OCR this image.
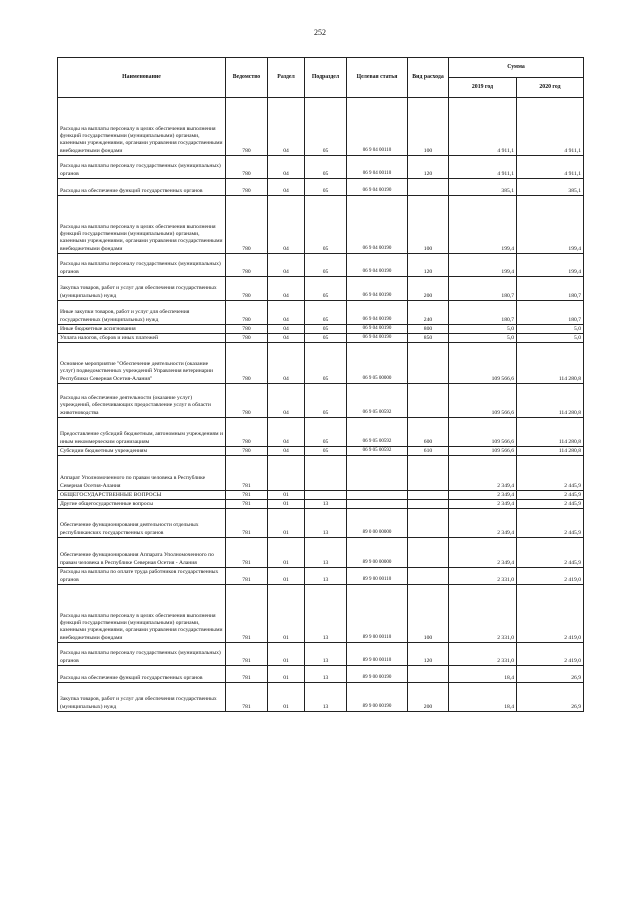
252
Наименование	Ведомство	Раздел	Подраздел	Целевая статья	Вид расхода	Сумма	
						2019 год	2020 год
Расходы на выплаты персоналу в целях обеспечения выполнения функций государственными (муниципальными) органами, казенными учреждениями, органами управления государственными внебюджетными фондами	780	04	05	06 9 04 00110	100	4 911,1	4 911,1
Расходы на выплаты персоналу государственных (муниципальных) органов	780	04	05	06 9 04 00110	120	4 911,1	4 911,1
Расходы на обеспечение функций государственных органов	780	04	05	06 9 04 00190		385,1	385,1
Расходы на выплаты персоналу в целях обеспечения выполнения функций государственными (муниципальными) органами, казенными учреждениями, органами управления государственными внебюджетными фондами	780	04	05	06 9 04 00190	100	199,4	199,4
Расходы на выплаты персоналу государственных (муниципальных) органов	780	04	05	06 9 04 00190	120	199,4	199,4
Закупка товаров, работ и услуг для обеспечения государственных (муниципальных) нужд	780	04	05	06 9 04 00190	200	180,7	180,7
Иные закупки товаров, работ и услуг для обеспечения государственных (муниципальных) нужд	780	04	05	06 9 04 00190	240	180,7	180,7
Иные бюджетные ассигнования	780	04	05	06 9 04 00190	800	5,0	5,0
Уплата налогов, сборов и иных платежей	780	04	05	06 9 04 00190	850	5,0	5,0
Основное мероприятие "Обеспечение деятельности (оказание услуг) подведомственных учреждений Управления ветеринарии Республики Северная Осетия-Алания"	780	04	05	06 9 05 00000		109 566,6	114 280,8
Расходы на обеспечение деятельности (оказание услуг) учреждений, обеспечивающих предоставление услуг в области животноводства	780	04	05	06 9 05 00592		109 566,6	114 280,8
Предоставление субсидий бюджетным, автономным учреждениям и иным некоммерческим организациям	780	04	05	06 9 05 00592	600	109 566,6	114 280,8
Субсидии бюджетным учреждениям	780	04	05	06 9 05 00592	610	109 566,6	114 280,8
Аппарат Уполномоченного по правам человека в Республике Северная Осетия-Алания	781					2 349,4	2 445,9
ОБЩЕГОСУДАРСТВЕННЫЕ ВОПРОСЫ	781	01				2 349,4	2 445,9
Другие общегосударственные вопросы	781	01	13			2 349,4	2 445,9
Обеспечение функционирования деятельности отдельных республиканских государственных органов	781	01	13	89 0 00 00000		2 349,4	2 445,9
Обеспечение функционирования Аппарата Уполномоченного по правам человека в Республике Северная Осетия - Алания	781	01	13	89 9 00 00000		2 349,4	2 445,9
Расходы на выплаты по оплате труда работников государственных органов	781	01	13	89 9 00 00110		2 331,0	2 419,0
Расходы на выплаты персоналу в целях обеспечения выполнения функций государственными (муниципальными) органами, казенными учреждениями, органами управления государственными внебюджетными фондами	781	01	13	89 9 00 00110	100	2 331,0	2 419,0
Расходы на выплаты персоналу государственных (муниципальных) органов	781	01	13	89 9 00 00110	120	2 331,0	2 419,0
Расходы на обеспечение функций государственных органов	781	01	13	89 9 00 00190		18,4	26,9
Закупка товаров, работ и услуг для обеспечения государственных (муниципальных) нужд	781	01	13	89 9 00 00190	200	18,4	26,9
